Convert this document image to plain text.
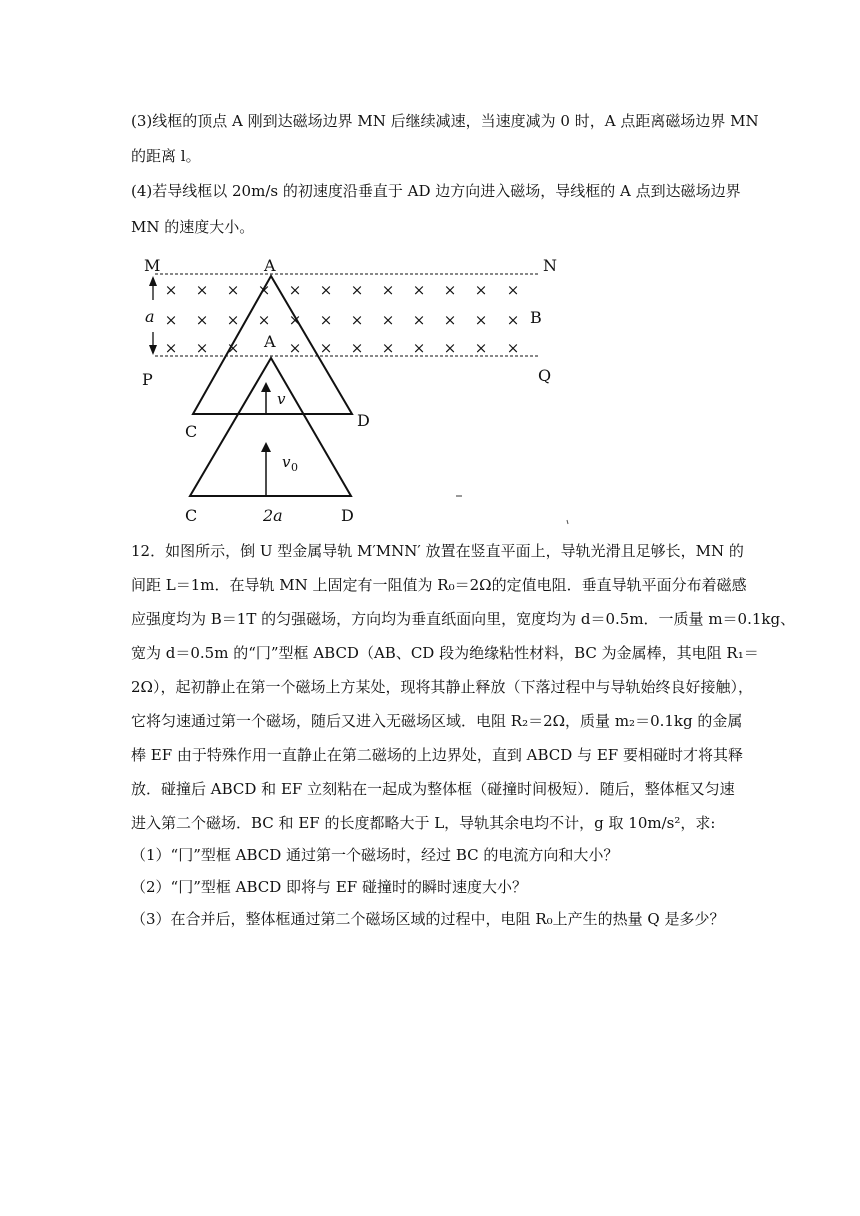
(3)线框的顶点 A 刚到达磁场边界 MN 后继续减速，当速度减为 0 时，A 点距离磁场边界 MN

的距离 l。

(4)若导线框以 20m/s 的初速度沿垂直于 AD 边方向进入磁场，导线框的 A 点到达磁场边界

MN 的速度大小。

M	N
P	Q
B
a
× × × × × × × × × × × ×
× × × × × × × × × × × ×
× × ×	× × × × × × × ×
A
C
D
A
C	D
2a
v
v 0

12．如图所示，倒 U 型金属导轨 M′MNN′ 放置在竖直平面上，导轨光滑且足够长，MN 的

间距 L＝1m．在导轨 MN 上固定有一阻值为 R₀＝2Ω的定值电阻．垂直导轨平面分布着磁感

应强度均为 B＝1T 的匀强磁场，方向均为垂直纸面向里，宽度均为 d＝0.5m．一质量 m＝0.1kg、

宽为 d＝0.5m 的“冂”型框 ABCD（AB、CD 段为绝缘粘性材料，BC 为金属棒，其电阻 R₁＝

2Ω），起初静止在第一个磁场上方某处，现将其静止释放（下落过程中与导轨始终良好接触），

它将匀速通过第一个磁场，随后又进入无磁场区域．电阻 R₂＝2Ω，质量 m₂＝0.1kg 的金属

棒 EF 由于特殊作用一直静止在第二磁场的上边界处，直到 ABCD 与 EF 要相碰时才将其释

放．碰撞后 ABCD 和 EF 立刻粘在一起成为整体框（碰撞时间极短）．随后，整体框又匀速

进入第二个磁场．BC 和 EF 的长度都略大于 L，导轨其余电均不计，g 取 10m/s²，求:

（1）“冂”型框 ABCD 通过第一个磁场时，经过 BC 的电流方向和大小？

（2）“冂”型框 ABCD 即将与 EF 碰撞时的瞬时速度大小？

（3）在合并后，整体框通过第二个磁场区域的过程中，电阻 R₀上产生的热量 Q 是多少？
